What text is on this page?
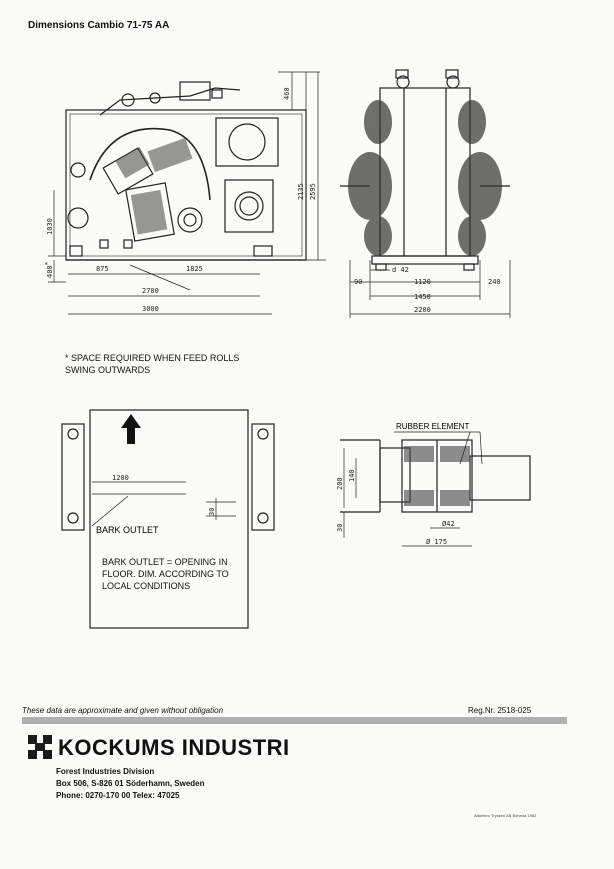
Dimensions Cambio 71-75 AA
460
2135 2595
1030
400
*	875	1825
2700
3000
d 42
90	1120	240
1450
2200
* SPACE REQUIRED WHEN FEED ROLLS SWING OUTWARDS
1200
30
BARK OUTLET
BARK OUTLET = OPENING IN FLOOR. DIM. ACCORDING TO LOCAL CONDITIONS
RUBBER ELEMENT
200
140
30	Ø42
Ø 175
These data are approximate and given without obligation	Reg.Nr. 2518-025
KOCKUMS INDUSTRI
Forest Industries Division
Box 506, S-826 01 Söderhamn, Sweden
Phone: 0270-170 00 Telex: 47025
Alsterbro Tryckeri AB Boheda 1982
